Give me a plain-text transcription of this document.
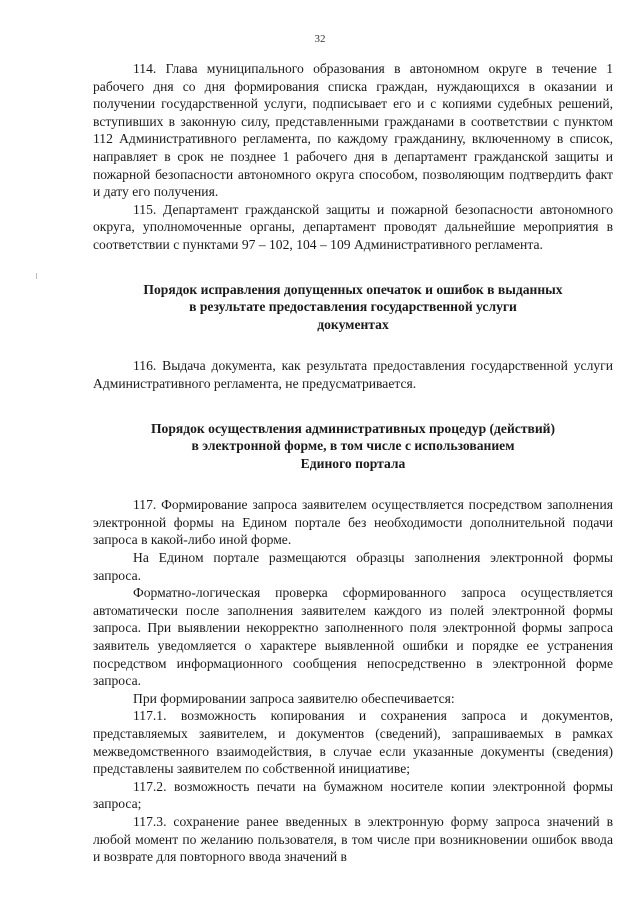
32

114. Глава муниципального образования в автономном округе в течение 1 рабочего дня со дня формирования списка граждан, нуждающихся в оказании и получении государственной услуги, подписывает его и с копиями судебных решений, вступивших в законную силу, представленными гражданами в соответствии с пунктом 112 Административного регламента, по каждому гражданину, включенному в список, направляет в срок не позднее 1 рабочего дня в департамент гражданской защиты и пожарной безопасности автономного округа способом, позволяющим подтвердить факт и дату его получения.

115. Департамент гражданской защиты и пожарной безопасности автономного округа, уполномоченные органы, департамент проводят дальнейшие мероприятия в соответствии с пунктами 97 – 102, 104 – 109 Административного регламента.

Порядок исправления допущенных опечаток и ошибок в выданных

в результате предоставления государственной услуги

документах

116. Выдача документа, как результата предоставления государственной услуги Административного регламента, не предусматривается.

Порядок осуществления административных процедур (действий)

в электронной форме, в том числе с использованием

Единого портала

117. Формирование запроса заявителем осуществляется посредством заполнения электронной формы на Едином портале без необходимости дополнительной подачи запроса в какой-либо иной форме.

На Едином портале размещаются образцы заполнения электронной формы запроса.

Форматно-логическая проверка сформированного запроса осуществляется автоматически после заполнения заявителем каждого из полей электронной формы запроса. При выявлении некорректно заполненного поля электронной формы запроса заявитель уведомляется о характере выявленной ошибки и порядке ее устранения посредством информационного сообщения непосредственно в электронной форме запроса.

При формировании запроса заявителю обеспечивается:

117.1. возможность копирования и сохранения запроса и документов, представляемых заявителем, и документов (сведений), запрашиваемых в рамках межведомственного взаимодействия, в случае если указанные документы (сведения) представлены заявителем по собственной инициативе;

117.2. возможность печати на бумажном носителе копии электронной формы запроса;

117.3. сохранение ранее введенных в электронную форму запроса значений в любой момент по желанию пользователя, в том числе при возникновении ошибок ввода и возврате для повторного ввода значений в
